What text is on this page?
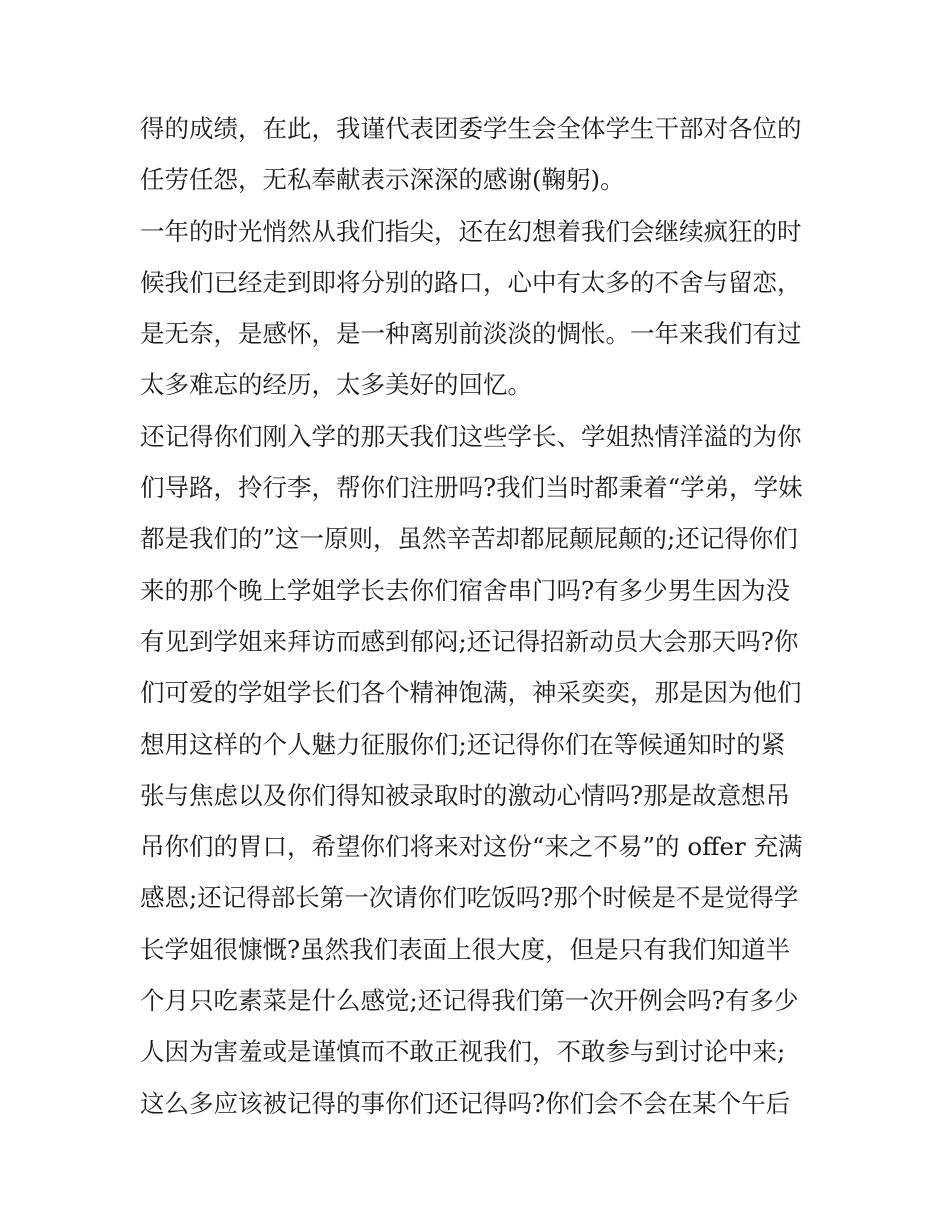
得的成绩，在此，我谨代表团委学生会全体学生干部对各位的
任劳任怨，无私奉献表示深深的感谢(鞠躬)。
一年的时光悄然从我们指尖，还在幻想着我们会继续疯狂的时
候我们已经走到即将分别的路口，心中有太多的不舍与留恋，
是无奈，是感怀，是一种离别前淡淡的惆怅。一年来我们有过
太多难忘的经历，太多美好的回忆。
还记得你们刚入学的那天我们这些学长、学姐热情洋溢的为你
们导路，拎行李，帮你们注册吗?我们当时都秉着“学弟，学妹
都是我们的”这一原则，虽然辛苦却都屁颠屁颠的;还记得你们
来的那个晚上学姐学长去你们宿舍串门吗?有多少男生因为没
有见到学姐来拜访而感到郁闷;还记得招新动员大会那天吗?你
们可爱的学姐学长们各个精神饱满，神采奕奕，那是因为他们
想用这样的个人魅力征服你们;还记得你们在等候通知时的紧
张与焦虑以及你们得知被录取时的激动心情吗?那是故意想吊
吊你们的胃口，希望你们将来对这份“来之不易”的 offer 充满
感恩;还记得部长第一次请你们吃饭吗?那个时候是不是觉得学
长学姐很慷慨?虽然我们表面上很大度，但是只有我们知道半
个月只吃素菜是什么感觉;还记得我们第一次开例会吗?有多少
人因为害羞或是谨慎而不敢正视我们，不敢参与到讨论中来;
这么多应该被记得的事你们还记得吗?你们会不会在某个午后
